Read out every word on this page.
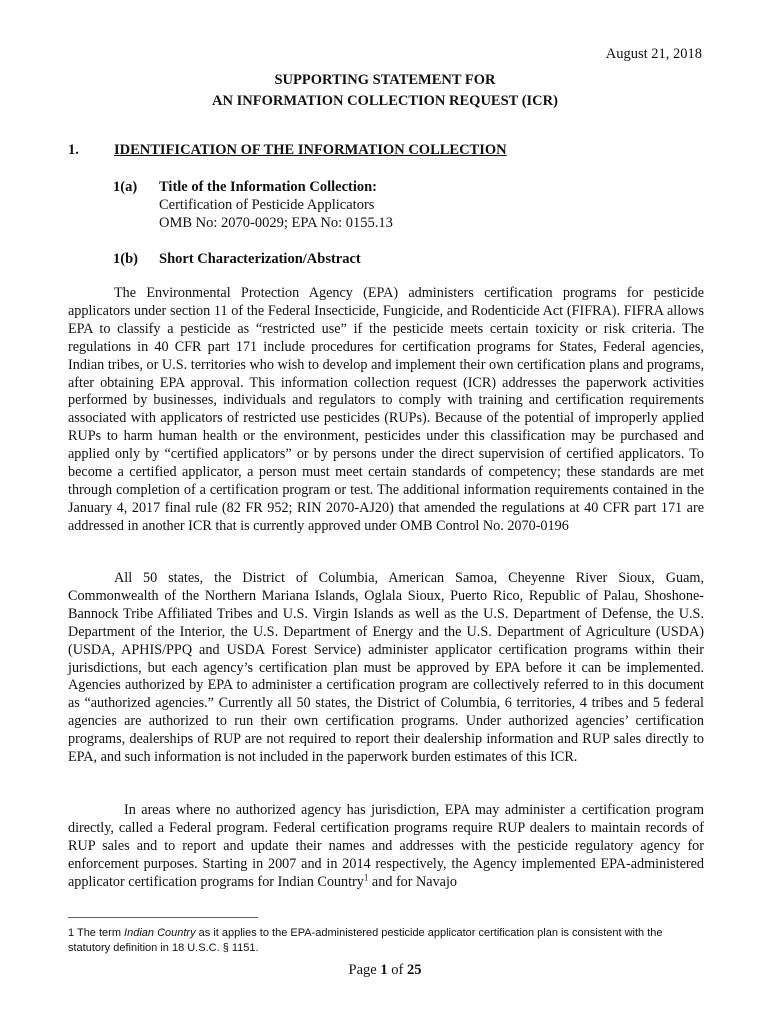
August 21, 2018
SUPPORTING STATEMENT FOR
AN INFORMATION COLLECTION REQUEST (ICR)
1. IDENTIFICATION OF THE INFORMATION COLLECTION
1(a) Title of the Information Collection:
Certification of Pesticide Applicators
OMB No: 2070-0029; EPA No: 0155.13
1(b) Short Characterization/Abstract
The Environmental Protection Agency (EPA) administers certification programs for pesticide applicators under section 11 of the Federal Insecticide, Fungicide, and Rodenticide Act (FIFRA). FIFRA allows EPA to classify a pesticide as “restricted use” if the pesticide meets certain toxicity or risk criteria. The regulations in 40 CFR part 171 include procedures for certification programs for States, Federal agencies, Indian tribes, or U.S. territories who wish to develop and implement their own certification plans and programs, after obtaining EPA approval. This information collection request (ICR) addresses the paperwork activities performed by businesses, individuals and regulators to comply with training and certification requirements associated with applicators of restricted use pesticides (RUPs). Because of the potential of improperly applied RUPs to harm human health or the environment, pesticides under this classification may be purchased and applied only by “certified applicators” or by persons under the direct supervision of certified applicators. To become a certified applicator, a person must meet certain standards of competency; these standards are met through completion of a certification program or test. The additional information requirements contained in the January 4, 2017 final rule (82 FR 952; RIN 2070-AJ20) that amended the regulations at 40 CFR part 171 are addressed in another ICR that is currently approved under OMB Control No. 2070-0196
All 50 states, the District of Columbia, American Samoa, Cheyenne River Sioux, Guam, Commonwealth of the Northern Mariana Islands, Oglala Sioux, Puerto Rico, Republic of Palau, Shoshone-Bannock Tribe Affiliated Tribes and U.S. Virgin Islands as well as the U.S. Department of Defense, the U.S. Department of the Interior, the U.S. Department of Energy and the U.S. Department of Agriculture (USDA)(USDA, APHIS/PPQ and USDA Forest Service) administer applicator certification programs within their jurisdictions, but each agency’s certification plan must be approved by EPA before it can be implemented. Agencies authorized by EPA to administer a certification program are collectively referred to in this document as “authorized agencies.” Currently all 50 states, the District of Columbia, 6 territories, 4 tribes and 5 federal agencies are authorized to run their own certification programs. Under authorized agencies’ certification programs, dealerships of RUP are not required to report their dealership information and RUP sales directly to EPA, and such information is not included in the paperwork burden estimates of this ICR.
In areas where no authorized agency has jurisdiction, EPA may administer a certification program directly, called a Federal program. Federal certification programs require RUP dealers to maintain records of RUP sales and to report and update their names and addresses with the pesticide regulatory agency for enforcement purposes. Starting in 2007 and in 2014 respectively, the Agency implemented EPA-administered applicator certification programs for Indian Country$^1$ and for Navajo
1 The term Indian Country as it applies to the EPA-administered pesticide applicator certification plan is consistent with the statutory definition in 18 U.S.C. § 1151.
Page 1 of 25
